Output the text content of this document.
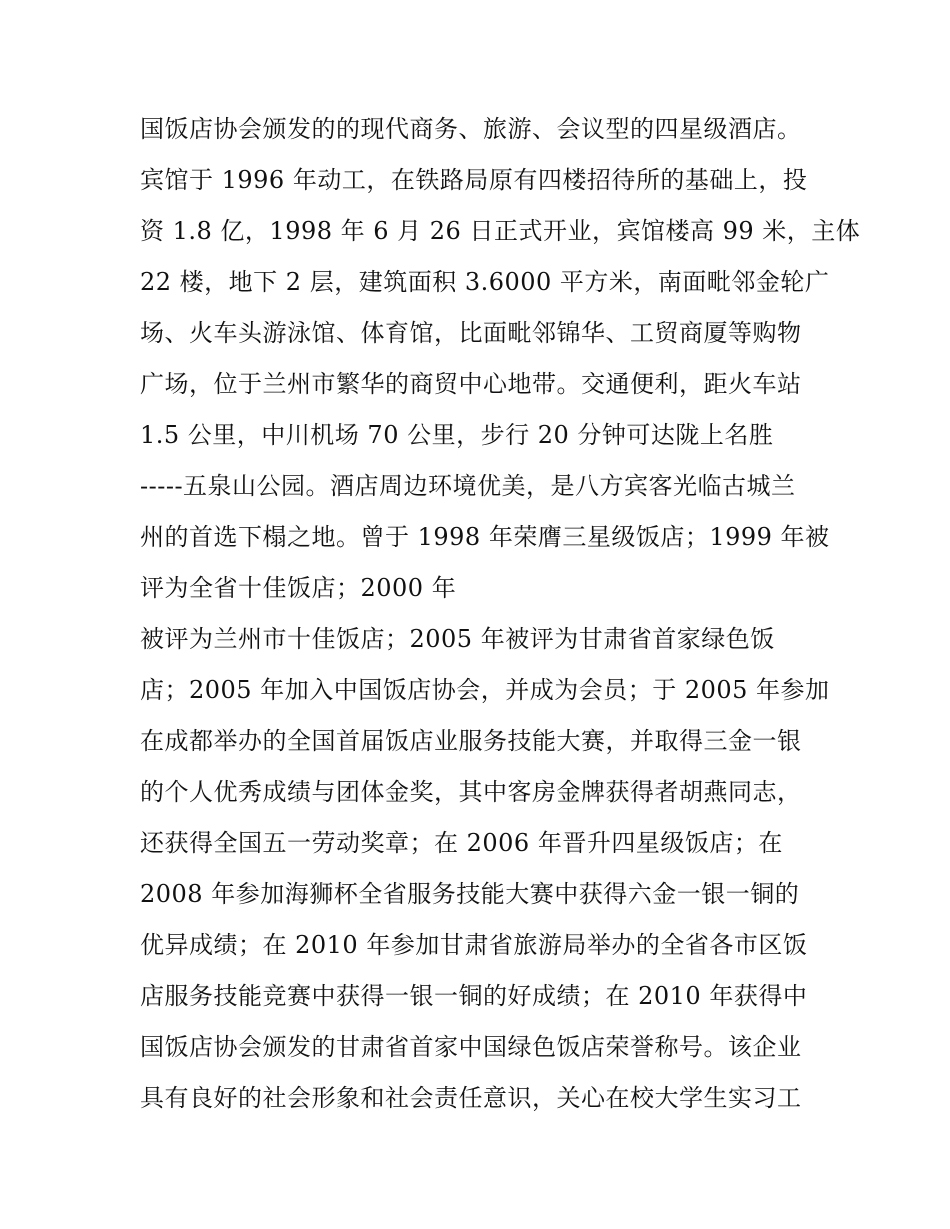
国饭店协会颁发的的现代商务、旅游、会议型的四星级酒店。
宾馆于 1996 年动工，在铁路局原有四楼招待所的基础上，投
资 1.8 亿，1998 年 6 月 26 日正式开业，宾馆楼高 99 米，主体
22 楼，地下 2 层，建筑面积 3.6000 平方米，南面毗邻金轮广
场、火车头游泳馆、体育馆，比面毗邻锦华、工贸商厦等购物
广场，位于兰州市繁华的商贸中心地带。交通便利，距火车站
1.5 公里，中川机场 70 公里，步行 20 分钟可达陇上名胜
-----五泉山公园。酒店周边环境优美，是八方宾客光临古城兰
州的首选下榻之地。曾于 1998 年荣膺三星级饭店；1999 年被
评为全省十佳饭店；2000 年
被评为兰州市十佳饭店；2005 年被评为甘肃省首家绿色饭
店；2005 年加入中国饭店协会，并成为会员；于 2005 年参加
在成都举办的全国首届饭店业服务技能大赛，并取得三金一银
的个人优秀成绩与团体金奖，其中客房金牌获得者胡燕同志，
还获得全国五一劳动奖章；在 2006 年晋升四星级饭店；在
2008 年参加海狮杯全省服务技能大赛中获得六金一银一铜的
优异成绩；在 2010 年参加甘肃省旅游局举办的全省各市区饭
店服务技能竞赛中获得一银一铜的好成绩；在 2010 年获得中
国饭店协会颁发的甘肃省首家中国绿色饭店荣誉称号。该企业
具有良好的社会形象和社会责任意识，关心在校大学生实习工
